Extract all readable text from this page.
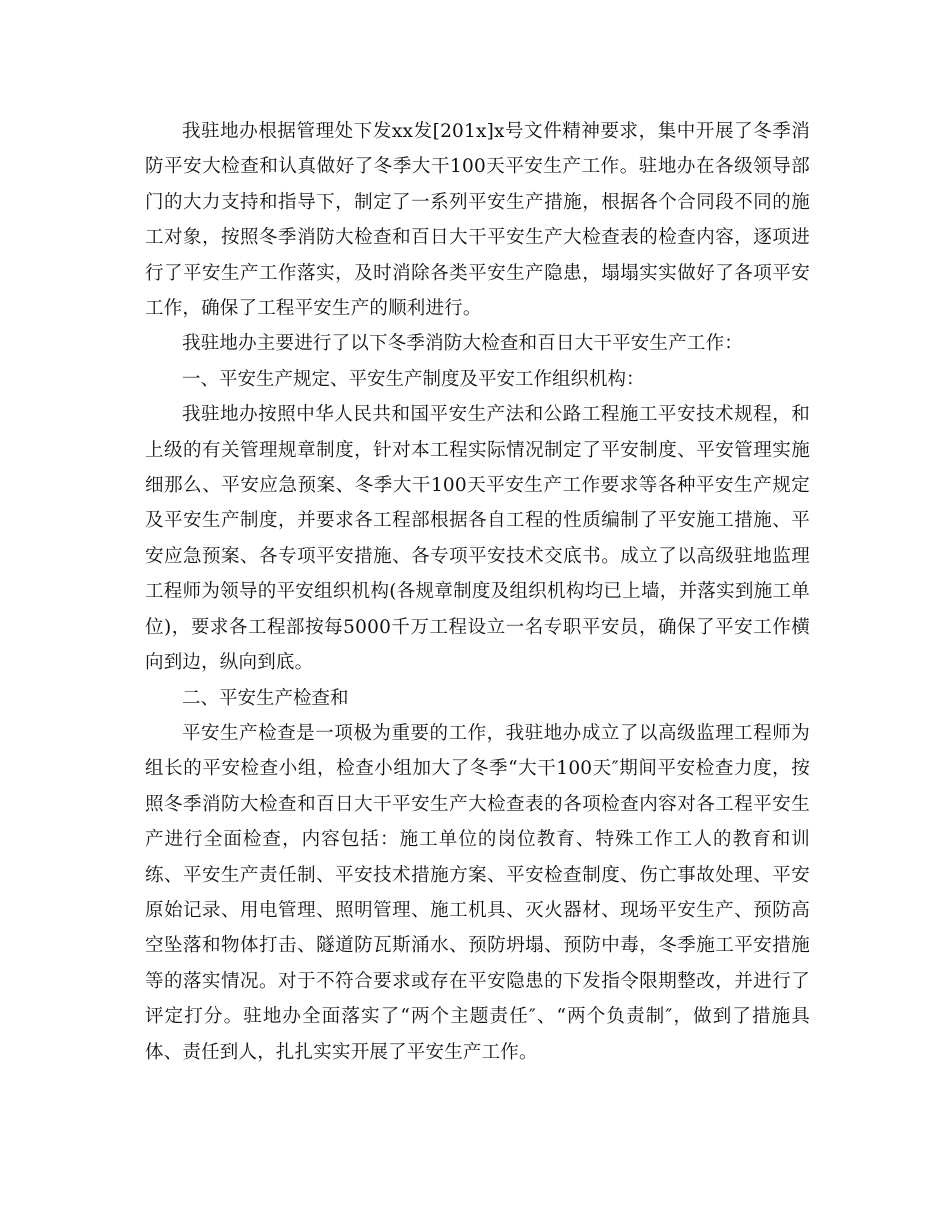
我驻地办根据管理处下发xx发[201x]x号文件精神要求，集中开展了冬季消防平安大检查和认真做好了冬季大干100天平安生产工作。驻地办在各级领导部门的大力支持和指导下，制定了一系列平安生产措施，根据各个合同段不同的施工对象，按照冬季消防大检查和百日大干平安生产大检查表的检查内容，逐项进行了平安生产工作落实，及时消除各类平安生产隐患，塌塌实实做好了各项平安工作，确保了工程平安生产的顺利进行。

我驻地办主要进行了以下冬季消防大检查和百日大干平安生产工作：

一、平安生产规定、平安生产制度及平安工作组织机构：

我驻地办按照中华人民共和国平安生产法和公路工程施工平安技术规程，和上级的有关管理规章制度，针对本工程实际情况制定了平安制度、平安管理实施细那么、平安应急预案、冬季大干100天平安生产工作要求等各种平安生产规定及平安生产制度，并要求各工程部根据各自工程的性质编制了平安施工措施、平安应急预案、各专项平安措施、各专项平安技术交底书。成立了以高级驻地监理工程师为领导的平安组织机构(各规章制度及组织机构均已上墙，并落实到施工单位)，要求各工程部按每5000千万工程设立一名专职平安员，确保了平安工作横向到边，纵向到底。

二、平安生产检查和

平安生产检查是一项极为重要的工作，我驻地办成立了以高级监理工程师为组长的平安检查小组，检查小组加大了冬季“大干100天″期间平安检查力度，按照冬季消防大检查和百日大干平安生产大检查表的各项检查内容对各工程平安生产进行全面检查，内容包括：施工单位的岗位教育、特殊工作工人的教育和训练、平安生产责任制、平安技术措施方案、平安检查制度、伤亡事故处理、平安原始记录、用电管理、照明管理、施工机具、灭火器材、现场平安生产、预防高空坠落和物体打击、隧道防瓦斯涌水、预防坍塌、预防中毒，冬季施工平安措施等的落实情况。对于不符合要求或存在平安隐患的下发指令限期整改，并进行了评定打分。驻地办全面落实了“两个主题责任″、“两个负责制″，做到了措施具体、责任到人，扎扎实实开展了平安生产工作。
